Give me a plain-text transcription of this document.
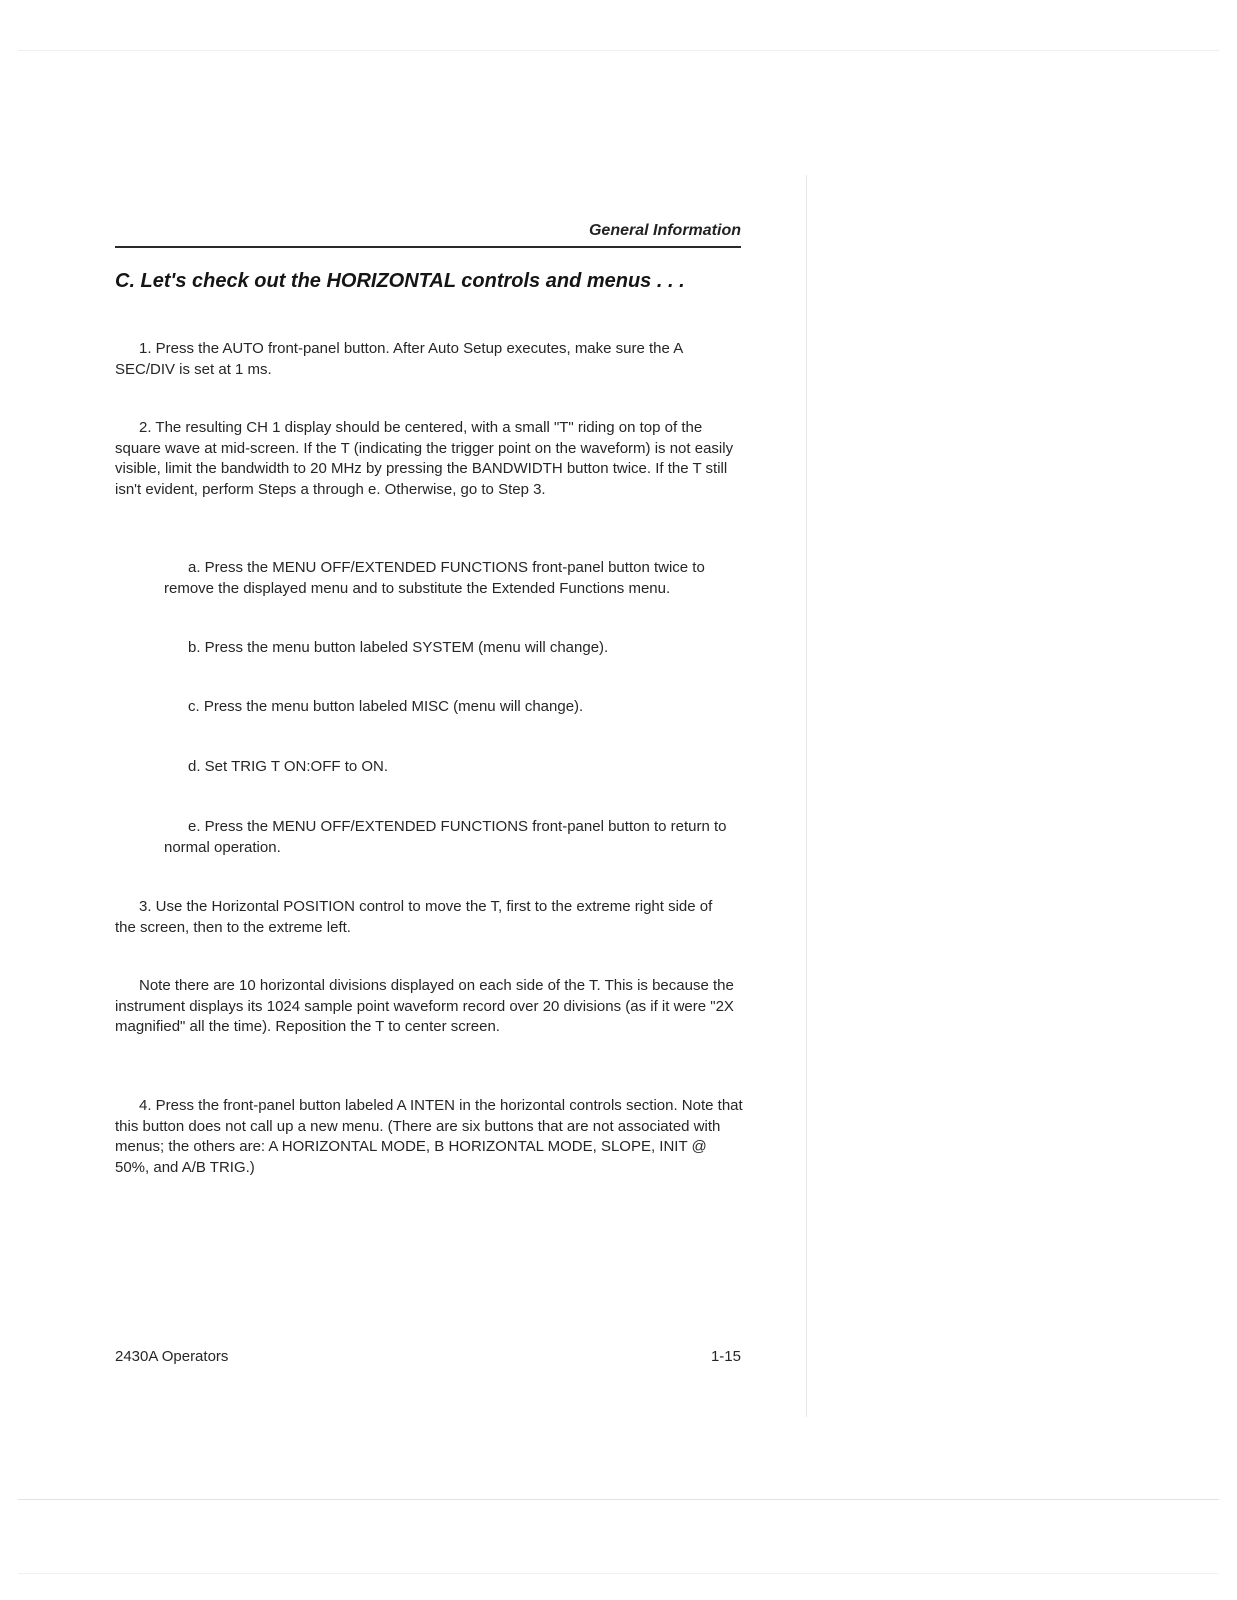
General Information
C. Let's check out the HORIZONTAL controls and menus . . .

1. Press the AUTO front-panel button. After Auto Setup executes, make sure the A SEC/DIV is set at 1 ms.

2. The resulting CH 1 display should be centered, with a small "T" riding on top of the square wave at mid-screen. If the T (indicating the trigger point on the waveform) is not easily visible, limit the bandwidth to 20 MHz by pressing the BANDWIDTH button twice. If the T still isn't evident, perform Steps a through e. Otherwise, go to Step 3.

a. Press the MENU OFF/EXTENDED FUNCTIONS front-panel button twice to remove the displayed menu and to substitute the Extended Functions menu.

b. Press the menu button labeled SYSTEM (menu will change).

c. Press the menu button labeled MISC (menu will change).

d. Set TRIG T ON:OFF to ON.

e. Press the MENU OFF/EXTENDED FUNCTIONS front-panel button to return to normal operation.

3. Use the Horizontal POSITION control to move the T, first to the extreme right side of the screen, then to the extreme left.

Note there are 10 horizontal divisions displayed on each side of the T. This is because the instrument displays its 1024 sample point waveform record over 20 divisions (as if it were "2X magnified" all the time). Reposition the T to center screen.

4. Press the front-panel button labeled A INTEN in the horizontal controls section. Note that this button does not call up a new menu. (There are six buttons that are not associated with menus; the others are: A HORIZONTAL MODE, B HORIZONTAL MODE, SLOPE, INIT @ 50%, and A/B TRIG.)

2430A Operators	1-15
